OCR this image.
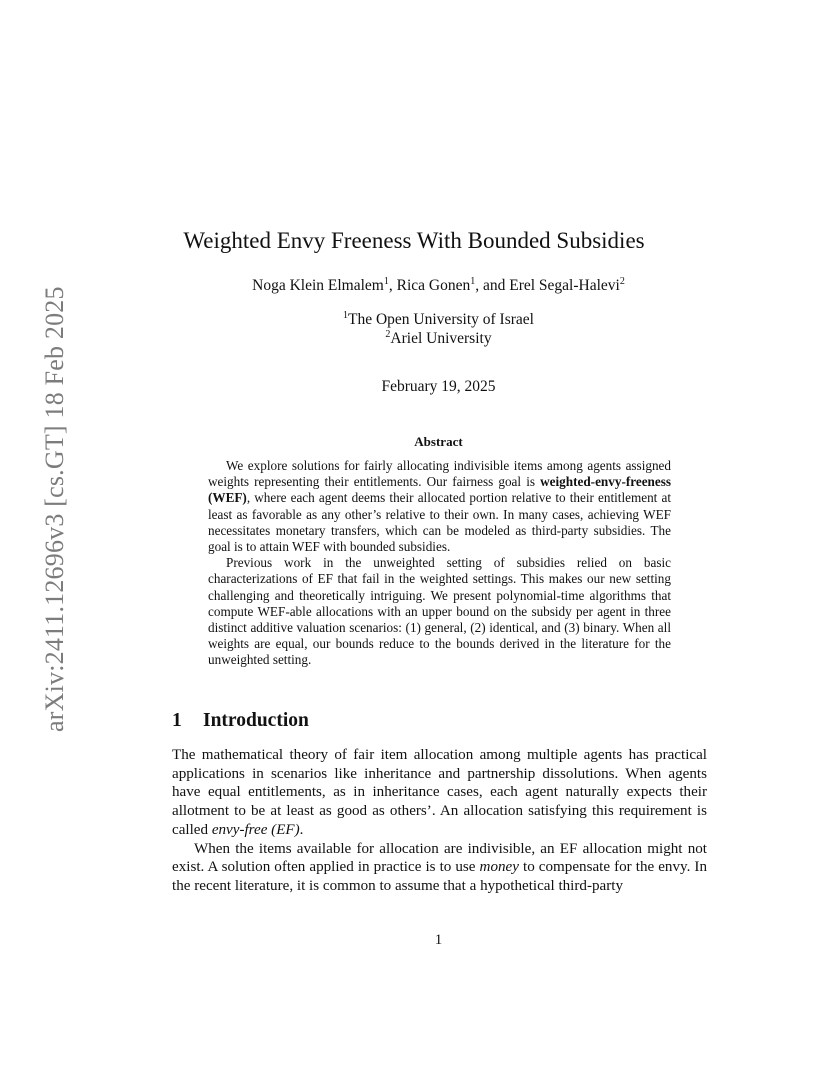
arXiv:2411.12696v3 [cs.GT] 18 Feb 2025
Weighted Envy Freeness With Bounded Subsidies
Noga Klein Elmalem$^1$, Rica Gonen$^1$, and Erel Segal-Halevi$^2$
$^1$The Open University of Israel
$^2$Ariel University
February 19, 2025
Abstract

We explore solutions for fairly allocating indivisible items among agents assigned weights representing their entitlements. Our fairness goal is weighted-envy-freeness (WEF), where each agent deems their allocated portion relative to their entitlement at least as favorable as any other’s relative to their own. In many cases, achieving WEF necessitates monetary transfers, which can be modeled as third-party subsidies. The goal is to attain WEF with bounded subsidies.

Previous work in the unweighted setting of subsidies relied on basic characterizations of EF that fail in the weighted settings. This makes our new setting challenging and theoretically intriguing. We present polynomial-time algorithms that compute WEF-able allocations with an upper bound on the subsidy per agent in three distinct additive valuation scenarios: (1) general, (2) identical, and (3) binary. When all weights are equal, our bounds reduce to the bounds derived in the literature for the unweighted setting.

1 Introduction

The mathematical theory of fair item allocation among multiple agents has practical applications in scenarios like inheritance and partnership dissolutions. When agents have equal entitlements, as in inheritance cases, each agent naturally expects their allotment to be at least as good as others’. An allocation satisfying this requirement is called envy-free (EF).

When the items available for allocation are indivisible, an EF allocation might not exist. A solution often applied in practice is to use money to compensate for the envy. In the recent literature, it is common to assume that a hypothetical third-party

1
